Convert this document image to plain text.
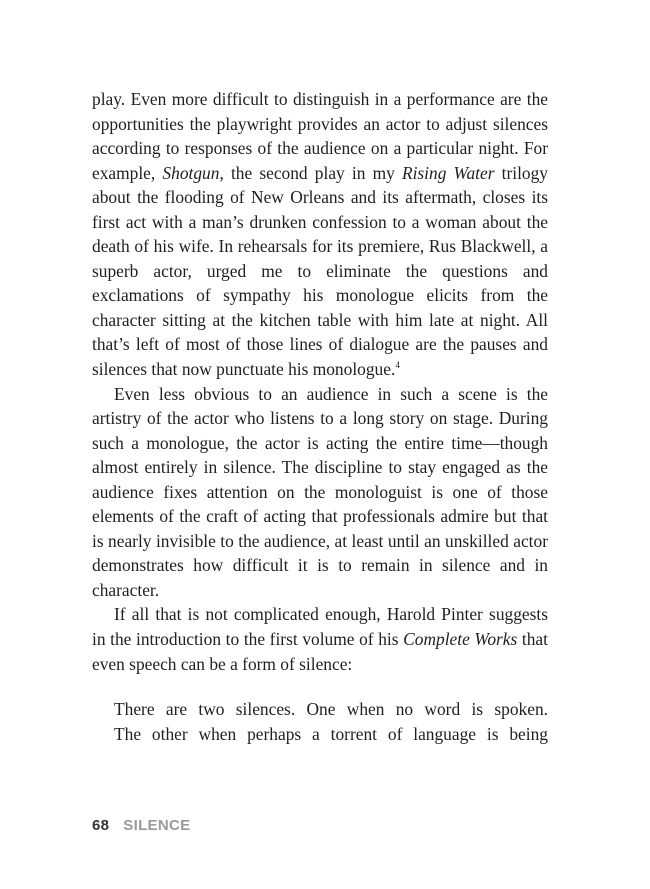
play. Even more difficult to distinguish in a performance are the opportunities the playwright provides an actor to adjust silences according to responses of the audience on a particular night. For example, Shotgun, the second play in my Rising Water trilogy about the flooding of New Orleans and its aftermath, closes its first act with a man’s drunken confession to a woman about the death of his wife. In rehearsals for its premiere, Rus Blackwell, a superb actor, urged me to eliminate the questions and exclamations of sympathy his monologue elicits from the character sitting at the kitchen table with him late at night. All that’s left of most of those lines of dialogue are the pauses and silences that now punctuate his monologue.$^4$

Even less obvious to an audience in such a scene is the artistry of the actor who listens to a long story on stage. During such a monologue, the actor is acting the entire time—though almost entirely in silence. The discipline to stay engaged as the audience fixes attention on the monologuist is one of those elements of the craft of acting that professionals admire but that is nearly invisible to the audience, at least until an unskilled actor demonstrates how difficult it is to remain in silence and in character.

If all that is not complicated enough, Harold Pinter suggests in the introduction to the first volume of his Complete Works that even speech can be a form of silence:

There are two silences. One when no word is spoken.
The other when perhaps a torrent of language is being
68 SILENCE
